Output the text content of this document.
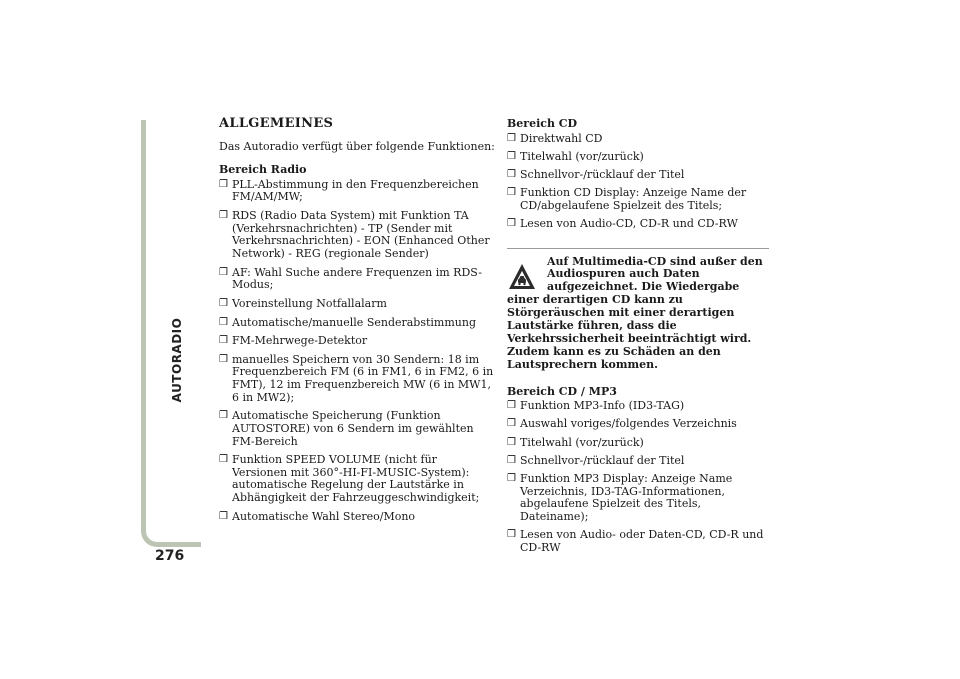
AUTORADIO
276
ALLGEMEINES
Das Autoradio verfügt über folgende Funktionen:
Bereich Radio
❒ PLL-Abstimmung in den Frequenzbereichen FM/AM/MW;
❒ RDS (Radio Data System) mit Funktion TA (Verkehrsnachrichten) - TP (Sender mit Verkehrsnachrichten) - EON (Enhanced Other Network) - REG (regionale Sender)
❒ AF: Wahl Suche andere Frequenzen im RDS-Modus;
❒ Voreinstellung Notfallalarm
❒ Automatische/manuelle Senderabstimmung
❒ FM-Mehrwege-Detektor
❒ manuelles Speichern von 30 Sendern: 18 im Frequenzbereich FM (6 in FM1, 6 in FM2, 6 in FMT), 12 im Frequenzbereich MW (6 in MW1, 6 in MW2);
❒ Automatische Speicherung (Funktion AUTOSTORE) von 6 Sendern im gewählten FM-Bereich
❒ Funktion SPEED VOLUME (nicht für Versionen mit 360°-HI-FI-MUSIC-System): automatische Regelung der Lautstärke in Abhängigkeit der Fahrzeuggeschwindigkeit;
❒ Automatische Wahl Stereo/Mono
Bereich CD
❒ Direktwahl CD
❒ Titelwahl (vor/zurück)
❒ Schnellvor-/rücklauf der Titel
❒ Funktion CD Display: Anzeige Name der CD/abgelaufene Spielzeit des Titels;
❒ Lesen von Audio-CD, CD-R und CD-RW
Auf Multimedia-CD sind außer den Audiospuren auch Daten aufgezeichnet. Die Wiedergabe einer derartigen CD kann zu Störgeräuschen mit einer derartigen Lautstärke führen, dass die Verkehrssicherheit beeinträchtigt wird. Zudem kann es zu Schäden an den Lautsprechern kommen.
Bereich CD / MP3
❒ Funktion MP3-Info (ID3-TAG)
❒ Auswahl voriges/folgendes Verzeichnis
❒ Titelwahl (vor/zurück)
❒ Schnellvor-/rücklauf der Titel
❒ Funktion MP3 Display: Anzeige Name Verzeichnis, ID3-TAG-Informationen, abgelaufene Spielzeit des Titels, Dateiname);
❒ Lesen von Audio- oder Daten-CD, CD-R und CD-RW
